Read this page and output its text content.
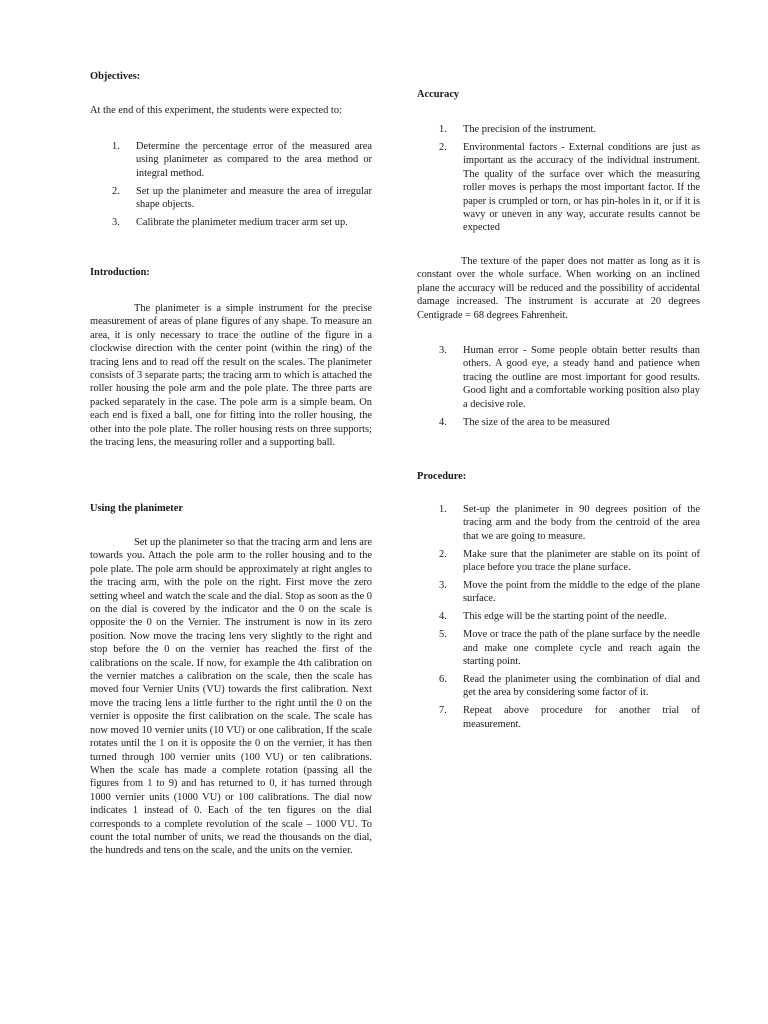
Objectives:
At the end of this experiment, the students were expected to:
1. Determine the percentage error of the measured area using planimeter as compared to the area method or integral method.
2. Set up the planimeter and measure the area of irregular shape objects.
3. Calibrate the planimeter medium tracer arm set up.
Introduction:
The planimeter is a simple instrument for the precise measurement of areas of plane figures of any shape. To measure an area, it is only necessary to trace the outline of the figure in a clockwise direction with the center point (within the ring) of the tracing lens and to read off the result on the scales. The planimeter consists of 3 separate parts; the tracing arm to which is attached the roller housing the pole arm and the pole plate. The three parts are packed separately in the case. The pole arm is a simple beam. On each end is fixed a ball, one for fitting into the roller housing, the other into the pole plate. The roller housing rests on three supports; the tracing lens, the measuring roller and a supporting ball.
Using the planimeter
Set up the planimeter so that the tracing arm and lens are towards you. Attach the pole arm to the roller housing and to the pole plate. The pole arm should be approximately at right angles to the tracing arm, with the pole on the right. First move the zero setting wheel and watch the scale and the dial. Stop as soon as the 0 on the dial is covered by the indicator and the 0 on the scale is opposite the 0 on the Vernier. The instrument is now in its zero position. Now move the tracing lens very slightly to the right and stop before the 0 on the vernier has reached the first of the calibrations on the scale. If now, for example the 4th calibration on the vernier matches a calibration on the scale, then the scale has moved four Vernier Units (VU) towards the first calibration. Next move the tracing lens a little further to the right until the 0 on the vernier is opposite the first calibration on the scale. The scale has now moved 10 vernier units (10 VU) or one calibration, If the scale rotates until the 1 on it is opposite the 0 on the vernier, it has then turned through 100 vernier units (100 VU) or ten calibrations. When the scale has made a complete rotation (passing all the figures from 1 to 9) and has returned to 0, it has turned through 1000 vernier units (1000 VU) or 100 calibrations. The dial now indicates 1 instead of 0. Each of the ten figures on the dial corresponds to a complete revolution of the scale – 1000 VU. To count the total number of units, we read the thousands on the dial, the hundreds and tens on the scale, and the units on the vernier.
Accuracy
1. The precision of the instrument.
2. Environmental factors - External conditions are just as important as the accuracy of the individual instrument. The quality of the surface over which the measuring roller moves is perhaps the most important factor. If the paper is crumpled or torn, or has pin-holes in it, or if it is wavy or uneven in any way, accurate results cannot be expected
The texture of the paper does not matter as long as it is constant over the whole surface. When working on an inclined plane the accuracy will be reduced and the possibility of accidental damage increased. The instrument is accurate at 20 degrees Centigrade = 68 degrees Fahrenheit.
3. Human error - Some people obtain better results than others. A good eye, a steady hand and patience when tracing the outline are most important for good results. Good light and a comfortable working position also play a decisive role.
4. The size of the area to be measured
Procedure:
1. Set-up the planimeter in 90 degrees position of the tracing arm and the body from the centroid of the area that we are going to measure.
2. Make sure that the planimeter are stable on its point of place before you trace the plane surface.
3. Move the point from the middle to the edge of the plane surface.
4. This edge will be the starting point of the needle.
5. Move or trace the path of the plane surface by the needle and make one complete cycle and reach again the starting point.
6. Read the planimeter using the combination of dial and get the area by considering some factor of it.
7. Repeat above procedure for another trial of measurement.
